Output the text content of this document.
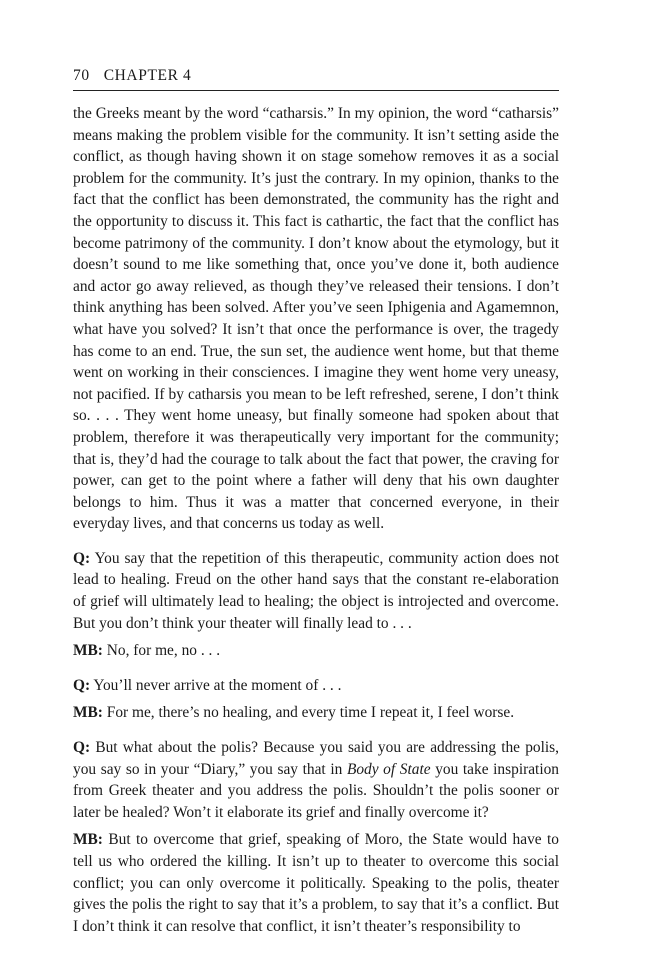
70 CHAPTER 4

the Greeks meant by the word “catharsis.” In my opinion, the word “catharsis” means making the problem visible for the community. It isn’t setting aside the conflict, as though having shown it on stage somehow removes it as a social problem for the community. It’s just the contrary. In my opinion, thanks to the fact that the conflict has been demonstrated, the community has the right and the opportunity to discuss it. This fact is cathartic, the fact that the conflict has become patrimony of the community. I don’t know about the etymology, but it doesn’t sound to me like something that, once you’ve done it, both audience and actor go away relieved, as though they’ve released their tensions. I don’t think anything has been solved. After you’ve seen Iphigenia and Agamemnon, what have you solved? It isn’t that once the performance is over, the tragedy has come to an end. True, the sun set, the audience went home, but that theme went on working in their consciences. I imagine they went home very uneasy, not pacified. If by catharsis you mean to be left refreshed, serene, I don’t think so. . . . They went home uneasy, but finally someone had spoken about that problem, therefore it was therapeutically very important for the community; that is, they’d had the courage to talk about the fact that power, the craving for power, can get to the point where a father will deny that his own daughter belongs to him. Thus it was a matter that concerned everyone, in their everyday lives, and that concerns us today as well.

Q: You say that the repetition of this therapeutic, community action does not lead to healing. Freud on the other hand says that the constant re-elaboration of grief will ultimately lead to healing; the object is introjected and overcome. But you don’t think your theater will finally lead to . . .

MB: No, for me, no . . .

Q: You’ll never arrive at the moment of . . .

MB: For me, there’s no healing, and every time I repeat it, I feel worse.

Q: But what about the polis? Because you said you are addressing the polis, you say so in your “Diary,” you say that in Body of State you take inspiration from Greek theater and you address the polis. Shouldn’t the polis sooner or later be healed? Won’t it elaborate its grief and finally overcome it?

MB: But to overcome that grief, speaking of Moro, the State would have to tell us who ordered the killing. It isn’t up to theater to overcome this social conflict; you can only overcome it politically. Speaking to the polis, theater gives the polis the right to say that it’s a problem, to say that it’s a conflict. But I don’t think it can resolve that conflict, it isn’t theater’s responsibility to
